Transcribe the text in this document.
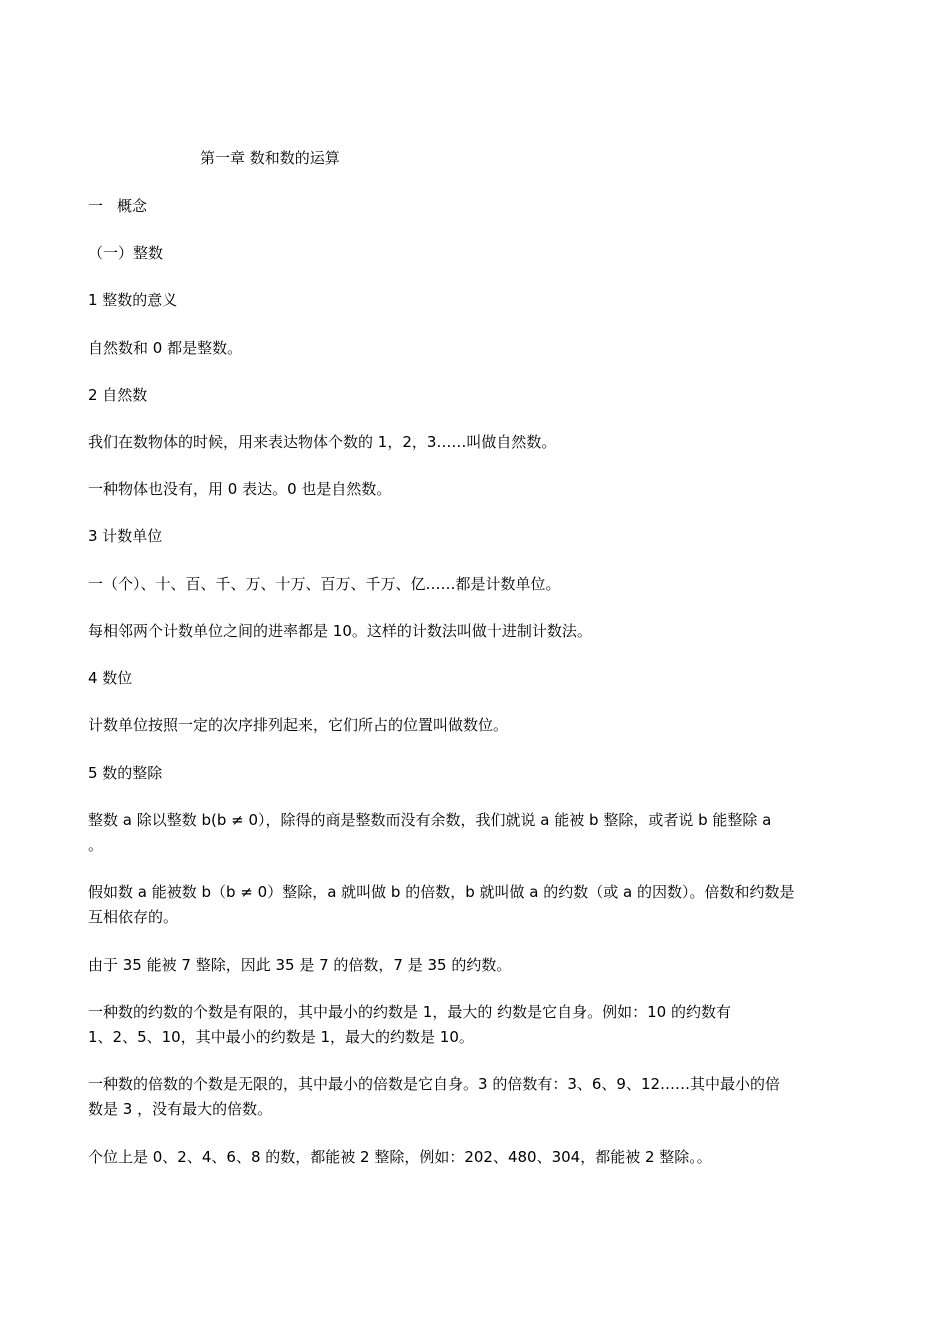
第一章 数和数的运算
一 概念
（一）整数
1 整数的意义
自然数和 0 都是整数。
2 自然数
我们在数物体的时候，用来表达物体个数的 1，2，3……叫做自然数。
一种物体也没有，用 0 表达。0 也是自然数。
3 计数单位
一（个）、十、百、千、万、十万、百万、千万、亿……都是计数单位。
每相邻两个计数单位之间的进率都是 10。这样的计数法叫做十进制计数法。
4 数位
计数单位按照一定的次序排列起来，它们所占的位置叫做数位。
5 数的整除
整数 a 除以整数 b(b ≠ 0），除得的商是整数而没有余数，我们就说 a 能被 b 整除，或者说 b 能整除 a
。
假如数 a 能被数 b（b ≠ 0）整除，a 就叫做 b 的倍数，b 就叫做 a 的约数（或 a 的因数）。倍数和约数是
互相依存的。
由于 35 能被 7 整除，因此 35 是 7 的倍数，7 是 35 的约数。
一种数的约数的个数是有限的，其中最小的约数是 1，最大的 约数是它自身。例如：10 的约数有
1、2、5、10，其中最小的约数是 1，最大的约数是 10。
一种数的倍数的个数是无限的，其中最小的倍数是它自身。3 的倍数有：3、6、9、12……其中最小的倍
数是 3 ，没有最大的倍数。
个位上是 0、2、4、6、8 的数，都能被 2 整除，例如：202、480、304，都能被 2 整除。。
